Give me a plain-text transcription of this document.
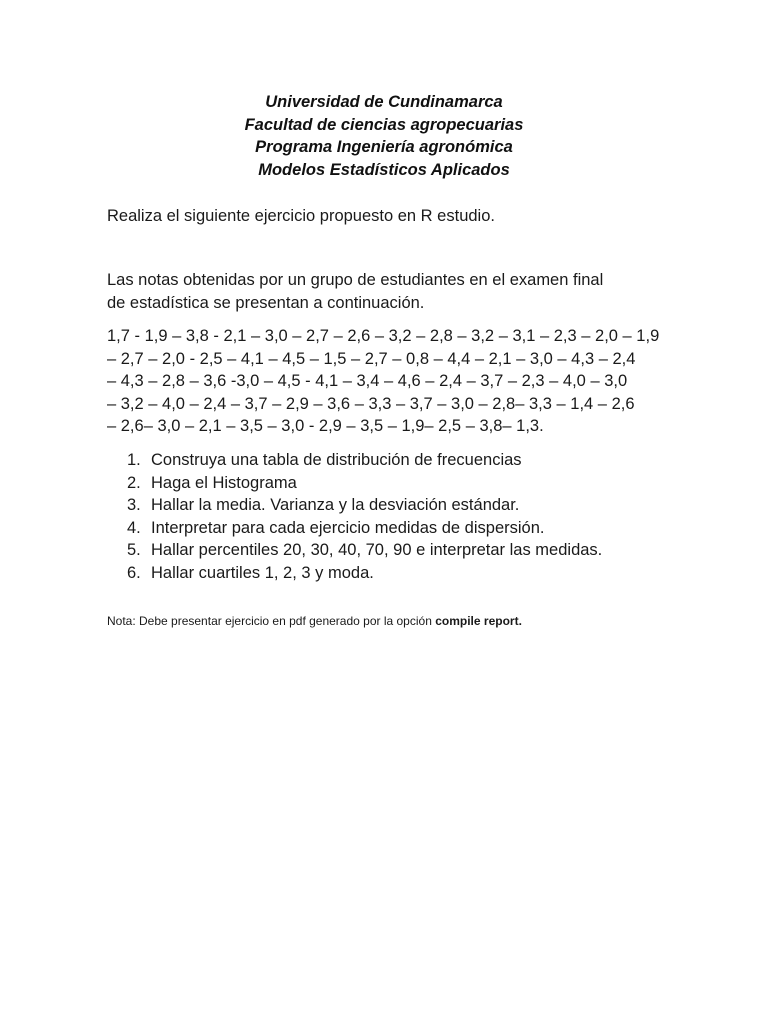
Universidad de Cundinamarca
Facultad de ciencias agropecuarias
Programa Ingeniería agronómica
Modelos Estadísticos Aplicados

Realiza el siguiente ejercicio propuesto en R estudio.

Las notas obtenidas por un grupo de estudiantes en el examen final
de estadística se presentan a continuación.

1,7 - 1,9 – 3,8 - 2,1 – 3,0 – 2,7 – 2,6 – 3,2 – 2,8 – 3,2 – 3,1 – 2,3 – 2,0 – 1,9
– 2,7 – 2,0 - 2,5 – 4,1 – 4,5 – 1,5 – 2,7 – 0,8 – 4,4 – 2,1 – 3,0 – 4,3 – 2,4
– 4,3 – 2,8 – 3,6 -3,0 – 4,5 - 4,1 – 3,4 – 4,6 – 2,4 – 3,7 – 2,3 – 4,0 – 3,0
– 3,2 – 4,0 – 2,4 – 3,7 – 2,9 – 3,6 – 3,3 – 3,7 – 3,0 – 2,8– 3,3 – 1,4 – 2,6
– 2,6– 3,0 – 2,1 – 3,5 – 3,0 - 2,9 – 3,5 – 1,9– 2,5 – 3,8– 1,3.

1. Construya una tabla de distribución de frecuencias
2. Haga el Histograma
3. Hallar la media. Varianza y la desviación estándar.
4. Interpretar para cada ejercicio medidas de dispersión.
5. Hallar percentiles 20, 30, 40, 70, 90 e interpretar las medidas.
6. Hallar cuartiles 1, 2, 3 y moda.

Nota: Debe presentar ejercicio en pdf generado por la opción compile report.
